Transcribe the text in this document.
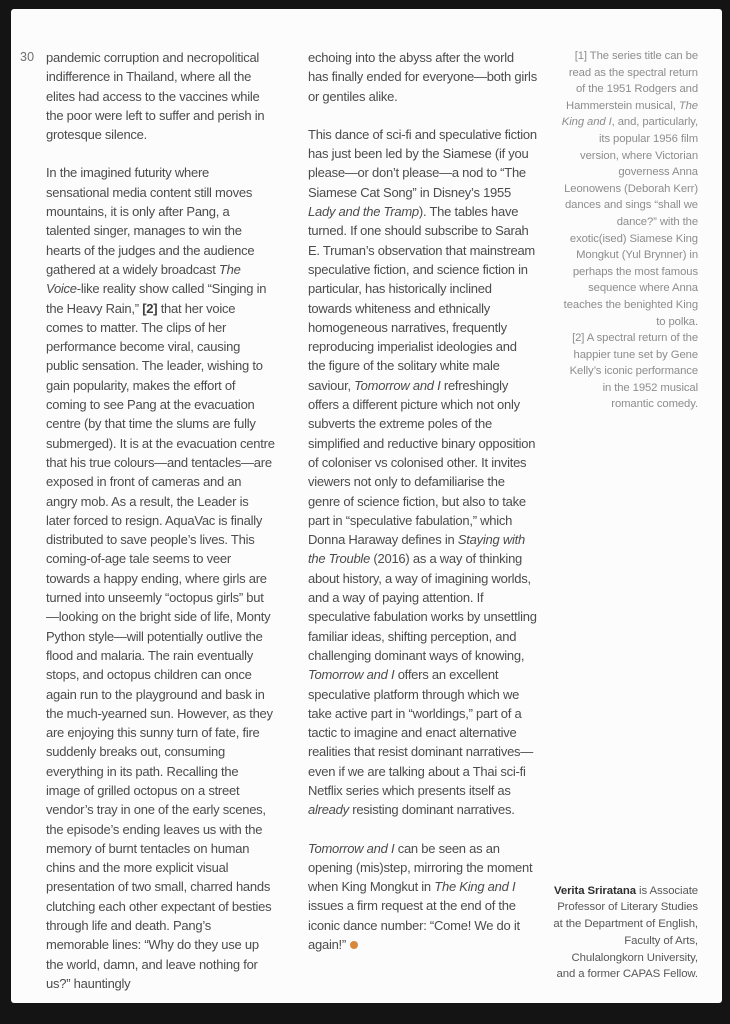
30 pandemic corruption and necropolitical indifference in Thailand, where all the elites had access to the vaccines while the poor were left to suffer and perish in grotesque silence.

In the imagined futurity where sensational media content still moves mountains, it is only after Pang, a talented singer, manages to win the hearts of the judges and the audience gathered at a widely broadcast The Voice-like reality show called “Singing in the Heavy Rain,” [2] that her voice comes to matter. The clips of her performance become viral, causing public sensation. The leader, wishing to gain popularity, makes the effort of coming to see Pang at the evacuation centre (by that time the slums are fully submerged). It is at the evacuation centre that his true colours—and tentacles—are exposed in front of cameras and an angry mob. As a result, the Leader is later forced to resign. AquaVac is finally distributed to save people’s lives. This coming-of-age tale seems to veer towards a happy ending, where girls are turned into unseemly “octopus girls” but—looking on the bright side of life, Monty Python style—will potentially outlive the flood and malaria. The rain eventually stops, and octopus children can once again run to the playground and bask in the much-yearned sun. However, as they are enjoying this sunny turn of fate, fire suddenly breaks out, consuming everything in its path. Recalling the image of grilled octopus on a street vendor’s tray in one of the early scenes, the episode’s ending leaves us with the memory of burnt tentacles on human chins and the more explicit visual presentation of two small, charred hands clutching each other expectant of besties through life and death. Pang’s memorable lines: “Why do they use up the world, damn, and leave nothing for us?” hauntingly

echoing into the abyss after the world has finally ended for everyone—both girls or gentiles alike.

This dance of sci-fi and speculative fiction has just been led by the Siamese (if you please—or don’t please—a nod to “The Siamese Cat Song” in Disney’s 1955 Lady and the Tramp). The tables have turned. If one should subscribe to Sarah E. Truman’s observation that mainstream speculative fiction, and science fiction in particular, has historically inclined towards whiteness and ethnically homogeneous narratives, frequently reproducing imperialist ideologies and the figure of the solitary white male saviour, Tomorrow and I refreshingly offers a different picture which not only subverts the extreme poles of the simplified and reductive binary opposition of coloniser vs colonised other. It invites viewers not only to defamiliarise the genre of science fiction, but also to take part in “speculative fabulation,” which Donna Haraway defines in Staying with the Trouble (2016) as a way of thinking about history, a way of imagining worlds, and a way of paying attention. If speculative fabulation works by unsettling familiar ideas, shifting perception, and challenging dominant ways of knowing, Tomorrow and I offers an excellent speculative platform through which we take active part in “worldings,” part of a tactic to imagine and enact alternative realities that resist dominant narratives—even if we are talking about a Thai sci-fi Netflix series which presents itself as already resisting dominant narratives.

Tomorrow and I can be seen as an opening (mis)step, mirroring the moment when King Mongkut in The King and I issues a firm request at the end of the iconic dance number: “Come! We do it again!”

[1] The series title can be read as the spectral return of the 1951 Rodgers and Hammerstein musical, The King and I, and, particularly, its popular 1956 film version, where Victorian governess Anna Leonowens (Deborah Kerr) dances and sings “shall we dance?” with the exotic(ised) Siamese King Mongkut (Yul Brynner) in perhaps the most famous sequence where Anna teaches the benighted King to polka.

[2] A spectral return of the happier tune set by Gene Kelly’s iconic performance in the 1952 musical romantic comedy.

Verita Sriratana is Associate Professor of Literary Studies at the Department of English, Faculty of Arts, Chulalongkorn University, and a former CAPAS Fellow.
